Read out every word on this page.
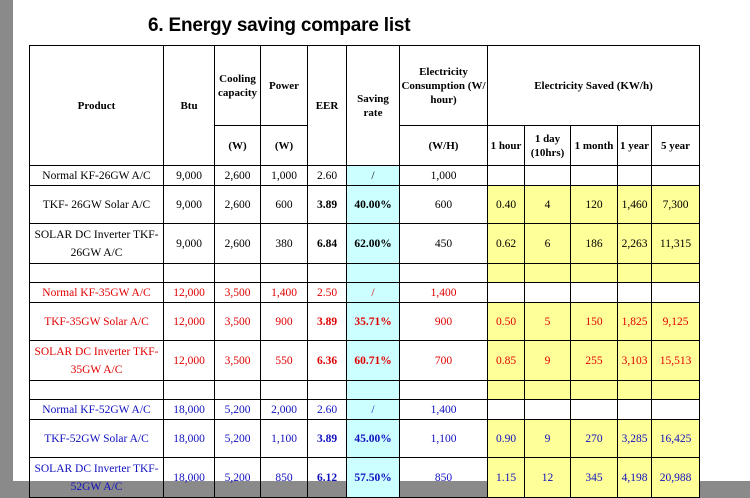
6. Energy saving compare list
Product	Btu	Cooling capacity	Power	EER	Saving rate	Electricity Consumption (W/ hour)	Electricity Saved (KW/h)				
		(W)	(W)			(W/H)	1 hour	1 day (10hrs)	1 month	1 year	5 year
Normal KF-26GW A/C	9,000	2,600	1,000	2.60	/	1,000					
TKF- 26GW Solar A/C	9,000	2,600	600	3.89	40.00%	600	0.40	4	120	1,460	7,300
SOLAR DC Inverter TKF-26GW A/C	9,000	2,600	380	6.84	62.00%	450	0.62	6	186	2,263	11,315

Normal KF-35GW A/C	12,000	3,500	1,400	2.50	/	1,400					
TKF-35GW Solar A/C	12,000	3,500	900	3.89	35.71%	900	0.50	5	150	1,825	9,125
SOLAR DC Inverter TKF-35GW A/C	12,000	3,500	550	6.36	60.71%	700	0.85	9	255	3,103	15,513

Normal KF-52GW A/C	18,000	5,200	2,000	2.60	/	1,400					
TKF-52GW Solar A/C	18,000	5,200	1,100	3.89	45.00%	1,100	0.90	9	270	3,285	16,425
SOLAR DC Inverter TKF-52GW A/C	18,000	5,200	850	6.12	57.50%	850	1.15	12	345	4,198	20,988
